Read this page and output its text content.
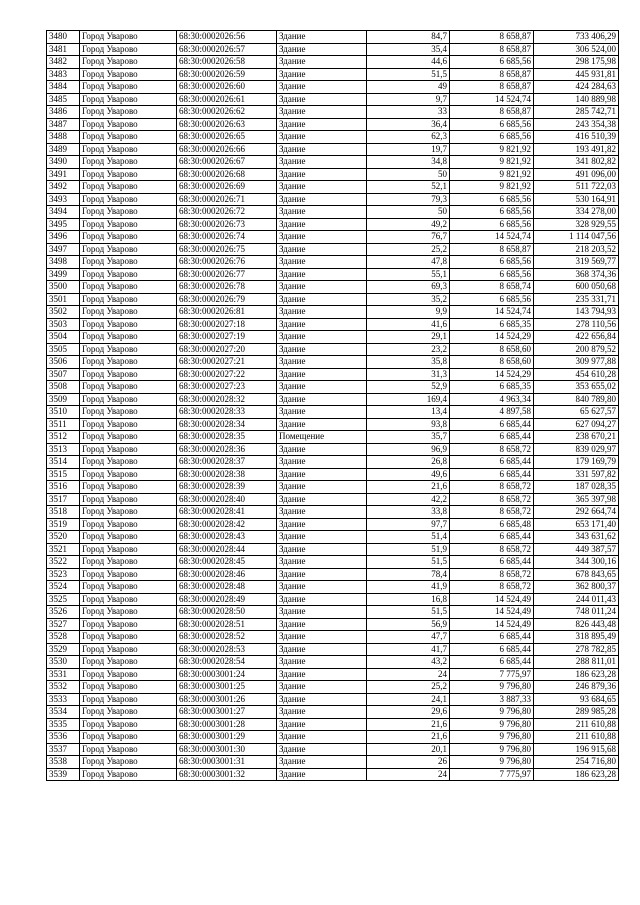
3480	Город Уварово	68:30:0002026:56	Здание	84,7	8 658,87	733 406,29
3481	Город Уварово	68:30:0002026:57	Здание	35,4	8 658,87	306 524,00
3482	Город Уварово	68:30:0002026:58	Здание	44,6	6 685,56	298 175,98
3483	Город Уварово	68:30:0002026:59	Здание	51,5	8 658,87	445 931,81
3484	Город Уварово	68:30:0002026:60	Здание	49	8 658,87	424 284,63
3485	Город Уварово	68:30:0002026:61	Здание	9,7	14 524,74	140 889,98
3486	Город Уварово	68:30:0002026:62	Здание	33	8 658,87	285 742,71
3487	Город Уварово	68:30:0002026:63	Здание	36,4	6 685,56	243 354,38
3488	Город Уварово	68:30:0002026:65	Здание	62,3	6 685,56	416 510,39
3489	Город Уварово	68:30:0002026:66	Здание	19,7	9 821,92	193 491,82
3490	Город Уварово	68:30:0002026:67	Здание	34,8	9 821,92	341 802,82
3491	Город Уварово	68:30:0002026:68	Здание	50	9 821,92	491 096,00
3492	Город Уварово	68:30:0002026:69	Здание	52,1	9 821,92	511 722,03
3493	Город Уварово	68:30:0002026:71	Здание	79,3	6 685,56	530 164,91
3494	Город Уварово	68:30:0002026:72	Здание	50	6 685,56	334 278,00
3495	Город Уварово	68:30:0002026:73	Здание	49,2	6 685,56	328 929,55
3496	Город Уварово	68:30:0002026:74	Здание	76,7	14 524,74	1 114 047,56
3497	Город Уварово	68:30:0002026:75	Здание	25,2	8 658,87	218 203,52
3498	Город Уварово	68:30:0002026:76	Здание	47,8	6 685,56	319 569,77
3499	Город Уварово	68:30:0002026:77	Здание	55,1	6 685,56	368 374,36
3500	Город Уварово	68:30:0002026:78	Здание	69,3	8 658,74	600 050,68
3501	Город Уварово	68:30:0002026:79	Здание	35,2	6 685,56	235 331,71
3502	Город Уварово	68:30:0002026:81	Здание	9,9	14 524,74	143 794,93
3503	Город Уварово	68:30:0002027:18	Здание	41,6	6 685,35	278 110,56
3504	Город Уварово	68:30:0002027:19	Здание	29,1	14 524,29	422 656,84
3505	Город Уварово	68:30:0002027:20	Здание	23,2	8 658,60	200 879,52
3506	Город Уварово	68:30:0002027:21	Здание	35,8	8 658,60	309 977,88
3507	Город Уварово	68:30:0002027:22	Здание	31,3	14 524,29	454 610,28
3508	Город Уварово	68:30:0002027:23	Здание	52,9	6 685,35	353 655,02
3509	Город Уварово	68:30:0002028:32	Здание	169,4	4 963,34	840 789,80
3510	Город Уварово	68:30:0002028:33	Здание	13,4	4 897,58	65 627,57
3511	Город Уварово	68:30:0002028:34	Здание	93,8	6 685,44	627 094,27
3512	Город Уварово	68:30:0002028:35	Помещение	35,7	6 685,44	238 670,21
3513	Город Уварово	68:30:0002028:36	Здание	96,9	8 658,72	839 029,97
3514	Город Уварово	68:30:0002028:37	Здание	26,8	6 685,44	179 169,79
3515	Город Уварово	68:30:0002028:38	Здание	49,6	6 685,44	331 597,82
3516	Город Уварово	68:30:0002028:39	Здание	21,6	8 658,72	187 028,35
3517	Город Уварово	68:30:0002028:40	Здание	42,2	8 658,72	365 397,98
3518	Город Уварово	68:30:0002028:41	Здание	33,8	8 658,72	292 664,74
3519	Город Уварово	68:30:0002028:42	Здание	97,7	6 685,48	653 171,40
3520	Город Уварово	68:30:0002028:43	Здание	51,4	6 685,44	343 631,62
3521	Город Уварово	68:30:0002028:44	Здание	51,9	8 658,72	449 387,57
3522	Город Уварово	68:30:0002028:45	Здание	51,5	6 685,44	344 300,16
3523	Город Уварово	68:30:0002028:46	Здание	78,4	8 658,72	678 843,65
3524	Город Уварово	68:30:0002028:48	Здание	41,9	8 658,72	362 800,37
3525	Город Уварово	68:30:0002028:49	Здание	16,8	14 524,49	244 011,43
3526	Город Уварово	68:30:0002028:50	Здание	51,5	14 524,49	748 011,24
3527	Город Уварово	68:30:0002028:51	Здание	56,9	14 524,49	826 443,48
3528	Город Уварово	68:30:0002028:52	Здание	47,7	6 685,44	318 895,49
3529	Город Уварово	68:30:0002028:53	Здание	41,7	6 685,44	278 782,85
3530	Город Уварово	68:30:0002028:54	Здание	43,2	6 685,44	288 811,01
3531	Город Уварово	68:30:0003001:24	Здание	24	7 775,97	186 623,28
3532	Город Уварово	68:30:0003001:25	Здание	25,2	9 796,80	246 879,36
3533	Город Уварово	68:30:0003001:26	Здание	24,1	3 887,33	93 684,65
3534	Город Уварово	68:30:0003001:27	Здание	29,6	9 796,80	289 985,28
3535	Город Уварово	68:30:0003001:28	Здание	21,6	9 796,80	211 610,88
3536	Город Уварово	68:30:0003001:29	Здание	21,6	9 796,80	211 610,88
3537	Город Уварово	68:30:0003001:30	Здание	20,1	9 796,80	196 915,68
3538	Город Уварово	68:30:0003001:31	Здание	26	9 796,80	254 716,80
3539	Город Уварово	68:30:0003001:32	Здание	24	7 775,97	186 623,28
